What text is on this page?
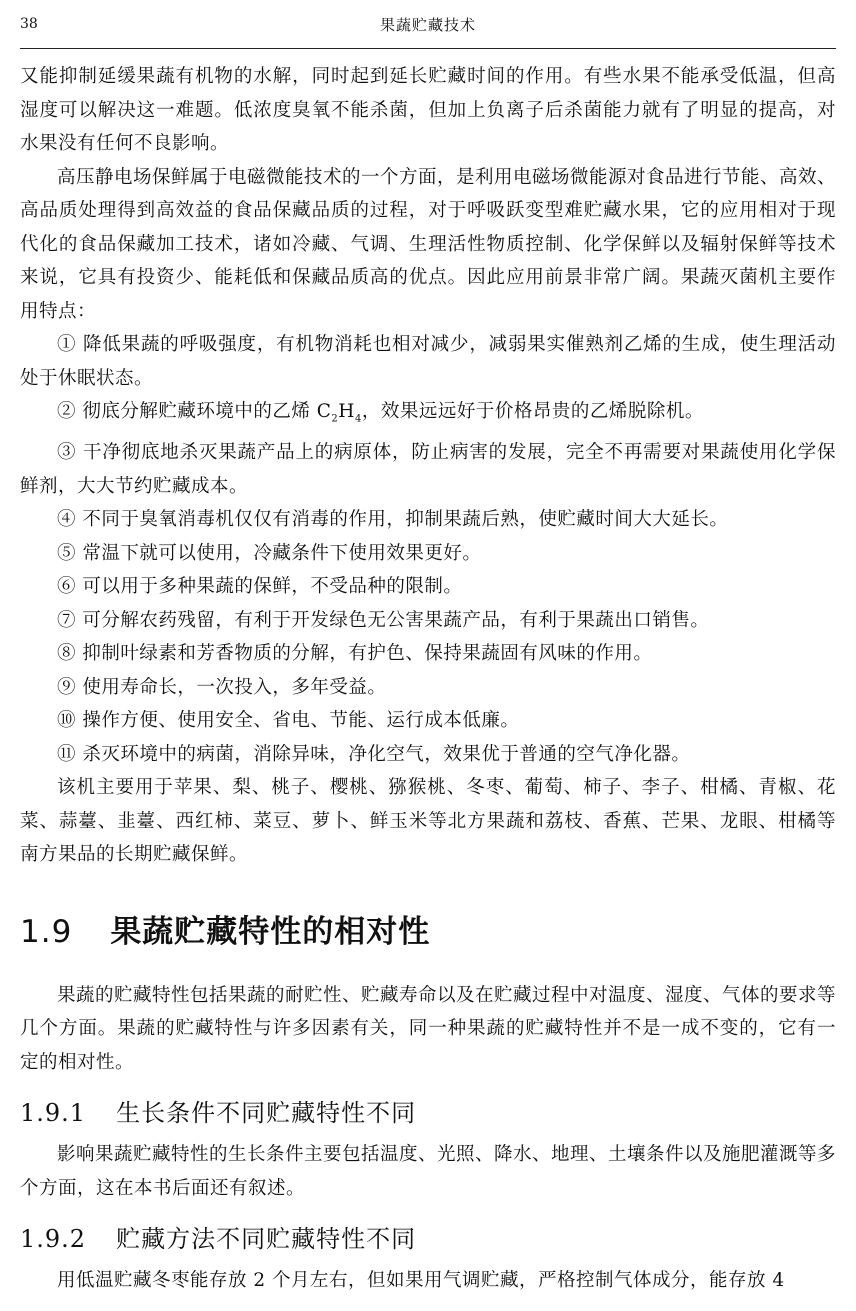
38	果蔬贮藏技术

又能抑制延缓果蔬有机物的水解，同时起到延长贮藏时间的作用。有些水果不能承受低温，但高湿度可以解决这一难题。低浓度臭氧不能杀菌，但加上负离子后杀菌能力就有了明显的提高，对水果没有任何不良影响。

高压静电场保鲜属于电磁微能技术的一个方面，是利用电磁场微能源对食品进行节能、高效、高品质处理得到高效益的食品保藏品质的过程，对于呼吸跃变型难贮藏水果，它的应用相对于现代化的食品保藏加工技术，诸如冷藏、气调、生理活性物质控制、化学保鲜以及辐射保鲜等技术来说，它具有投资少、能耗低和保藏品质高的优点。因此应用前景非常广阔。果蔬灭菌机主要作用特点：

① 降低果蔬的呼吸强度，有机物消耗也相对减少，减弱果实催熟剂乙烯的生成，使生理活动处于休眠状态。

② 彻底分解贮藏环境中的乙烯 $C_2H_4$，效果远远好于价格昂贵的乙烯脱除机。

③ 干净彻底地杀灭果蔬产品上的病原体，防止病害的发展，完全不再需要对果蔬使用化学保鲜剂，大大节约贮藏成本。

④ 不同于臭氧消毒机仅仅有消毒的作用，抑制果蔬后熟，使贮藏时间大大延长。

⑤ 常温下就可以使用，冷藏条件下使用效果更好。

⑥ 可以用于多种果蔬的保鲜，不受品种的限制。

⑦ 可分解农药残留，有利于开发绿色无公害果蔬产品，有利于果蔬出口销售。

⑧ 抑制叶绿素和芳香物质的分解，有护色、保持果蔬固有风味的作用。

⑨ 使用寿命长，一次投入，多年受益。

⑩ 操作方便、使用安全、省电、节能、运行成本低廉。

⑪ 杀灭环境中的病菌，消除异味，净化空气，效果优于普通的空气净化器。

该机主要用于苹果、梨、桃子、樱桃、猕猴桃、冬枣、葡萄、柿子、李子、柑橘、青椒、花菜、蒜薹、韭薹、西红柿、菜豆、萝卜、鲜玉米等北方果蔬和荔枝、香蕉、芒果、龙眼、柑橘等南方果品的长期贮藏保鲜。

1.9 果蔬贮藏特性的相对性

果蔬的贮藏特性包括果蔬的耐贮性、贮藏寿命以及在贮藏过程中对温度、湿度、气体的要求等几个方面。果蔬的贮藏特性与许多因素有关，同一种果蔬的贮藏特性并不是一成不变的，它有一定的相对性。

1.9.1 生长条件不同贮藏特性不同

影响果蔬贮藏特性的生长条件主要包括温度、光照、降水、地理、土壤条件以及施肥灌溉等多个方面，这在本书后面还有叙述。

1.9.2 贮藏方法不同贮藏特性不同

用低温贮藏冬枣能存放 2 个月左右，但如果用气调贮藏，严格控制气体成分，能存放 4
